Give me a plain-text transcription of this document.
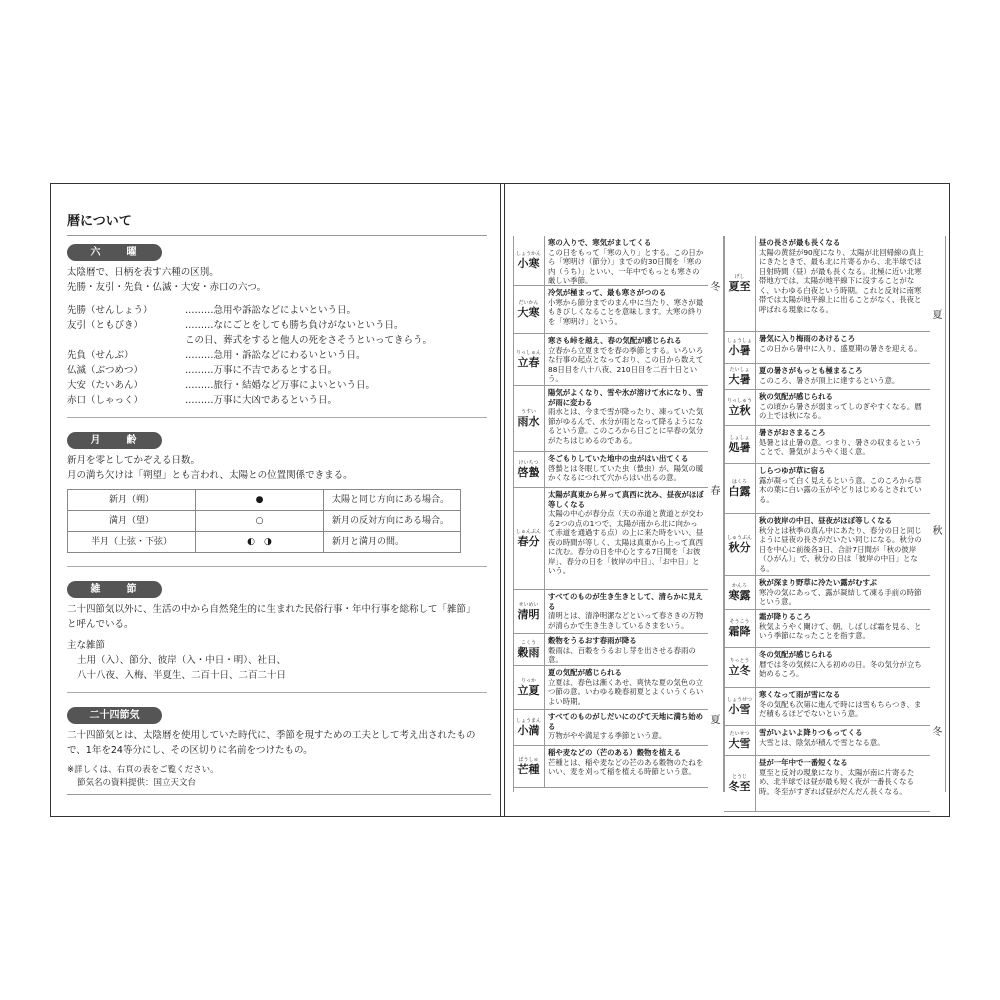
暦について
六　　曜
太陰暦で、日柄を表す六種の区別。
先勝・友引・先負・仏滅・大安・赤口の六つ。
先勝（せんしょう）	………急用や訴訟などによいという日。
友引（ともびき）	………なにごとをしても勝ち負けがないという日。
この日、葬式をすると他人の死をさそうといってきらう。
先負（せんぶ）	………急用・訴訟などにわるいという日。
仏滅（ぶつめつ）	………万事に不吉であるとする日。
大安（たいあん）	………旅行・結婚など万事によいという日。
赤口（しゃっく）	………万事に大凶であるという日。
月　　齢
新月を零としてかぞえる日数。
月の満ち欠けは「朔望」とも言われ、太陽との位置関係できまる。
新月（朔）	●	太陽と同じ方向にある場合。
満月（望）	○	新月の反対方向にある場合。
半月（上弦・下弦）	◐　◑	新月と満月の間。
雑　　節
二十四節気以外に、生活の中から自然発生的に生まれた民俗行事・年中行事を総称して「雑節」
と呼んでいる。
主な雑節
土用（入）、節分、彼岸（入・中日・明）、社日、
八十八夜、入梅、半夏生、二百十日、二百二十日
二十四節気
二十四節気とは、太陰暦を使用していた時代に、季節を現すための工夫として考え出されたもの
で、1年を24等分にし、その区切りに名前をつけたもの。
※詳しくは、右頁の表をご覧ください。
節気名の資料提供：国立天文台
しょうかん
小寒
寒の入りで、寒気がましてくる
この日をもって「寒の入り」とする。この日から「寒明け（節分）」までの約30日間を「寒の内（うち）」といい、一年中でもっとも寒さの厳しい季節。
だいかん
大寒
冷気が極まって、最も寒さがつのる
小寒から節分までのまん中に当たり、寒さが最もきびしくなることを意味します。大寒の終りを「寒明け」という。
りっしゅん
立春
寒さも峠を越え、春の気配が感じられる
立春から立夏までを春の季節とする。いろいろな行事の起点となっており、この日から数えて88日目を八十八夜、210日目を二百十日という。
うすい
雨水
陽気がよくなり、雪や氷が溶けて水になり、雪が雨に変わる
雨水とは、今まで雪が降ったり、凍っていた気節がゆるんで、水分が雨となって降るようになるという意。このころから日ごとに早春の気分がたちはじめるのである。
けいちつ
啓蟄
冬ごもりしていた地中の虫がはい出てくる
啓蟄とは冬眠していた虫（蟄虫）が、陽気の暖かくなるにつれて穴からはい出るの意。
しゅんぶん
春分
太陽が真東から昇って真西に沈み、昼夜がほぼ等しくなる
太陽の中心が春分点（天の赤道と黄道とが交わる2つの点の1つで、太陽が南から北に向かって赤道を通過する点）の上に来た時をいい、昼夜の時間が等しく、太陽は真東から上って真西に沈む。春分の日を中心とする7日間を「お彼岸」、春分の日を「彼岸の中日」、「お中日」という。
せいめい
清明
すべてのものが生き生きとして、清らかに見える
清明とは、清浄明潔などといって春さきの万物が清らかで生き生きしているさまをいう。
こくう
穀雨
穀物をうるおす春雨が降る
穀雨は、百穀をうるおし芽を出させる春雨の意。
りっか
立夏
夏の気配が感じられる
立夏は、春色は漸くあせ、爽快な夏の気色の立つ節の意。いわゆる晩春初夏とよくいうくらいよい時期。
しょうまん
小満
すべてのものがしだいにのびて天地に満ち始める
万物がやや満足する季節という意。
ぼうしゅ
芒種
稲や麦などの（芒のある）穀物を植える
芒種とは、稲や麦などの芒のある穀物のたねをいい、麦を刈って稲を植える時節という意。
冬
春
夏
げし
夏至
昼の長さが最も長くなる
太陽の黄経が90度になり、太陽が北回帰線の真上にきたときで、最も北に片寄るから、北半球では日射時間（昼）が最も長くなる。北極に近い北寒帯地方では、太陽が地平線下に沒することがなく、いわゆる白夜という時期。これと反対に南寒帯では太陽が地平線上に出ることがなく、長夜と呼ばれる現象になる。
しょうしょ
小暑
暑気に入り梅雨のあけるころ
この日から暑中に入り、盛夏期の暑さを迎える。
たいしょ
大暑
夏の暑さがもっとも極まるころ
このころ、暑さが頂上に達するという意。
りっしゅう
立秋
秋の気配が感じられる
この頃から暑さが弱まってしのぎやすくなる。暦の上では秋になる。
しょしょ
処暑
暑さがおさまるころ
処暑とは止暑の意。つまり、暑さの収まるということで、暑気がようやく退く意。
はくろ
白露
しらつゆが草に宿る
露が凝って白く見えるという意。このころから草木の葉に白い露の玉がやどりはじめるとされている。
しゅうぶん
秋分
秋の彼岸の中日、昼夜がほぼ等しくなる
秋分とは秋季の真ん中にあたり、春分の日と同じように昼夜の長さがだいたい同じになる。秋分の日を中心に前後各3日、合計7日間が「秋の彼岸（ひがん）」で、秋分の日は「彼岸の中日」となる。
かんろ
寒露
秋が深まり野草に冷たい露がむすぶ
寒冷の気にあって、露が凝結して凍る手前の時節という意。
そうこう
霜降
霜が降りるころ
秋気ようやく闌けて、朝、しばしば霜を見る、という季節になったことを指す意。
りっとう
立冬
冬の気配が感じられる
暦では冬の気候に入る初めの日。冬の気分が立ち始めるころ。
しょうせつ
小雪
寒くなって雨が雪になる
冬の気配も次第に進んで時には雪もちらつき、まだ積もるほどでないという意。
たいせつ
大雪
雪がいよいよ降りつもってくる
大雪とは、陰気が積んで雪となる意。
とうじ
冬至
昼が一年中で一番短くなる
夏至と反対の現象になり、太陽が南に片寄るため、北半球では昼が最も短く夜が一番長くなる時。冬至がすぎれば昼がだんだん長くなる。
夏
秋
冬
